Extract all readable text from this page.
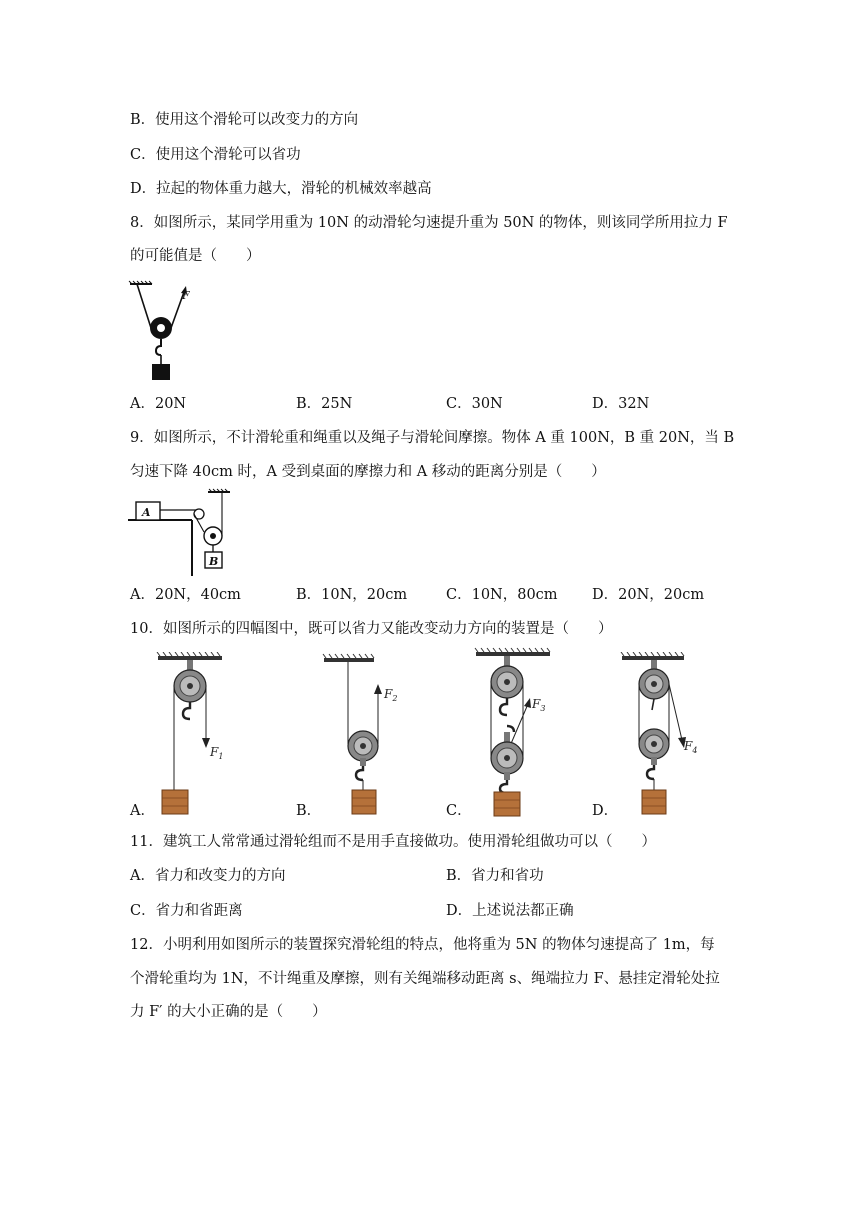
B．使用这个滑轮可以改变力的方向
C．使用这个滑轮可以省功
D．拉起的物体重力越大，滑轮的机械效率越高
8．如图所示，某同学用重为 10N 的动滑轮匀速提升重为 50N 的物体，则该同学所用拉力 F
的可能值是（　　）
F
A．20N	B．25N	C．30N	D．32N
9．如图所示，不计滑轮重和绳重以及绳子与滑轮间摩擦。物体 A 重 100N，B 重 20N，当 B
匀速下降 40cm 时，A 受到桌面的摩擦力和 A 移动的距离分别是（　　）
A
B
A．20N，40cm	B．10N，20cm	C．10N，80cm D．20N，20cm
10．如图所示的四幅图中，既可以省力又能改变动力方向的装置是（　　）
A．
$F_1$
B．
$F_2$
C．
$F_3$
D．
$F_4$
11．建筑工人常常通过滑轮组而不是用手直接做功。使用滑轮组做功可以（　　）
A．省力和改变力的方向	B．省力和省功
C．省力和省距离	D．上述说法都正确
12．小明利用如图所示的装置探究滑轮组的特点，他将重为 5N 的物体匀速提高了 1m，每
个滑轮重均为 1N，不计绳重及摩擦，则有关绳端移动距离 s、绳端拉力 F、悬挂定滑轮处拉
力 F′ 的大小正确的是（　　）
